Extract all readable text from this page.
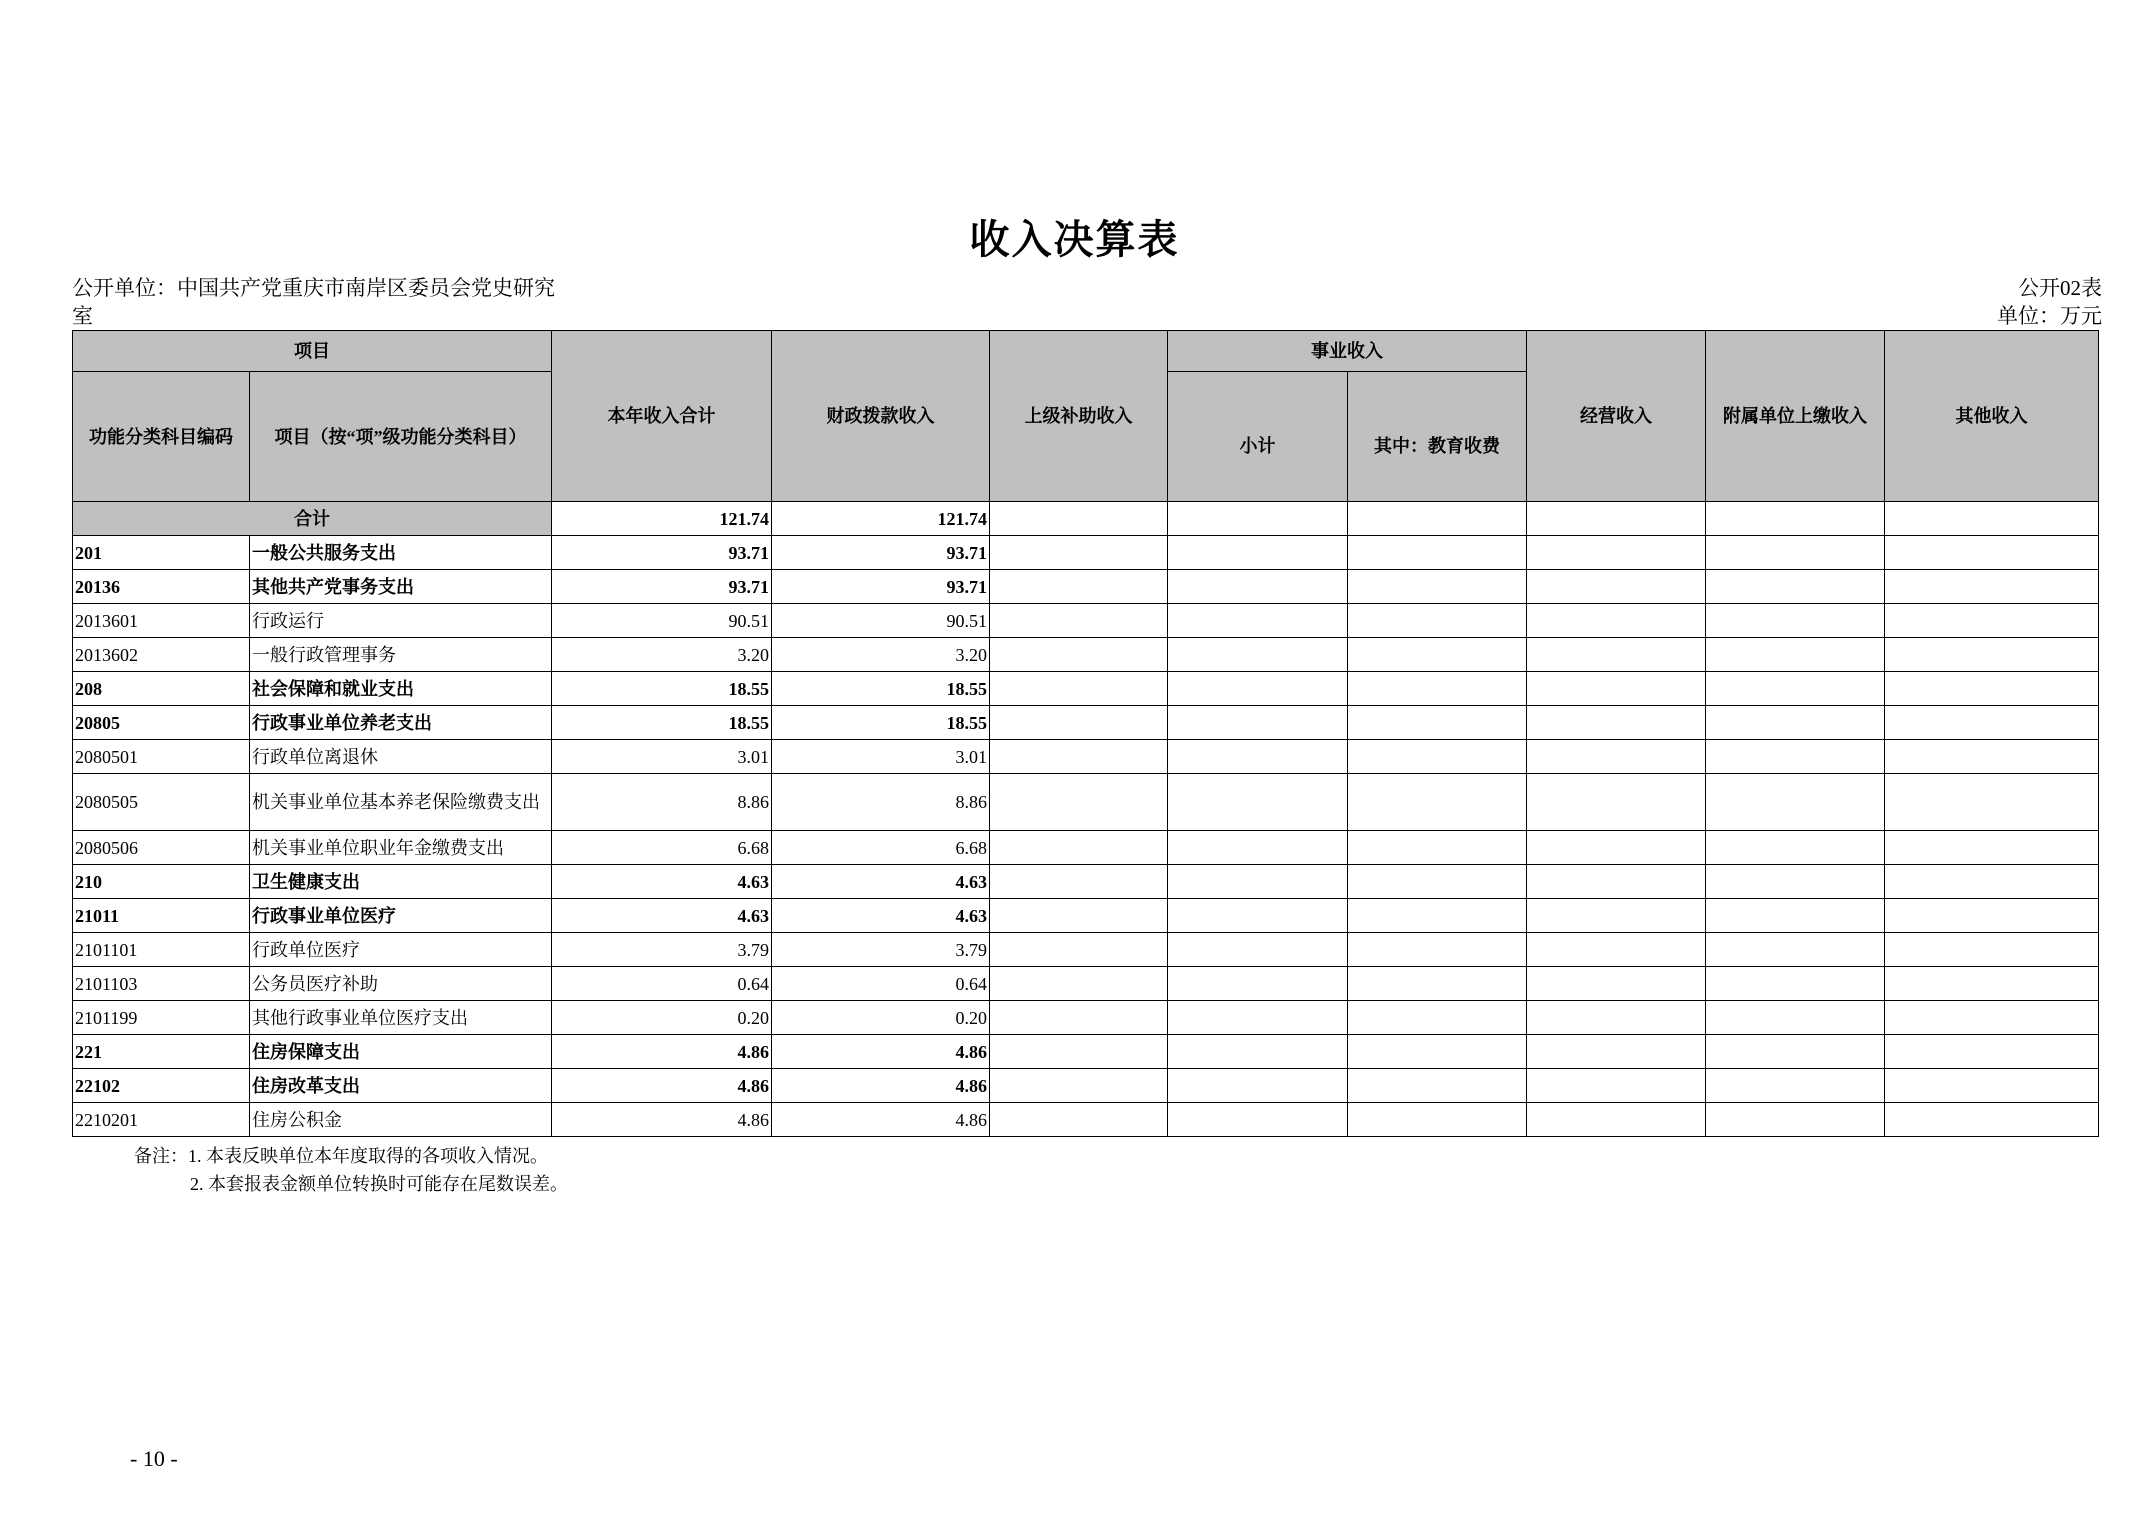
收入决算表
公开单位：中国共产党重庆市南岸区委员会党史研究室
公开02表
单位：万元
项目		本年收入合计	财政拨款收入	上级补助收入	事业收入		经营收入	附属单位上缴收入	其他收入
功能分类科目编码	项目（按“项”级功能分类科目）				小计	其中：教育收费			
合计		121.74	121.74						
201	一般公共服务支出	93.71	93.71						
20136	其他共产党事务支出	93.71	93.71						
2013601	行政运行	90.51	90.51						
2013602	一般行政管理事务	3.20	3.20						
208	社会保障和就业支出	18.55	18.55						
20805	行政事业单位养老支出	18.55	18.55						
2080501	行政单位离退休	3.01	3.01						
2080505	机关事业单位基本养老保险缴费支出	8.86	8.86						
2080506	机关事业单位职业年金缴费支出	6.68	6.68						
210	卫生健康支出	4.63	4.63						
21011	行政事业单位医疗	4.63	4.63						
2101101	行政单位医疗	3.79	3.79						
2101103	公务员医疗补助	0.64	0.64						
2101199	其他行政事业单位医疗支出	0.20	0.20						
221	住房保障支出	4.86	4.86						
22102	住房改革支出	4.86	4.86						
2210201	住房公积金	4.86	4.86						
备注：1. 本表反映单位本年度取得的各项收入情况。
2. 本套报表金额单位转换时可能存在尾数误差。
- 10 -
